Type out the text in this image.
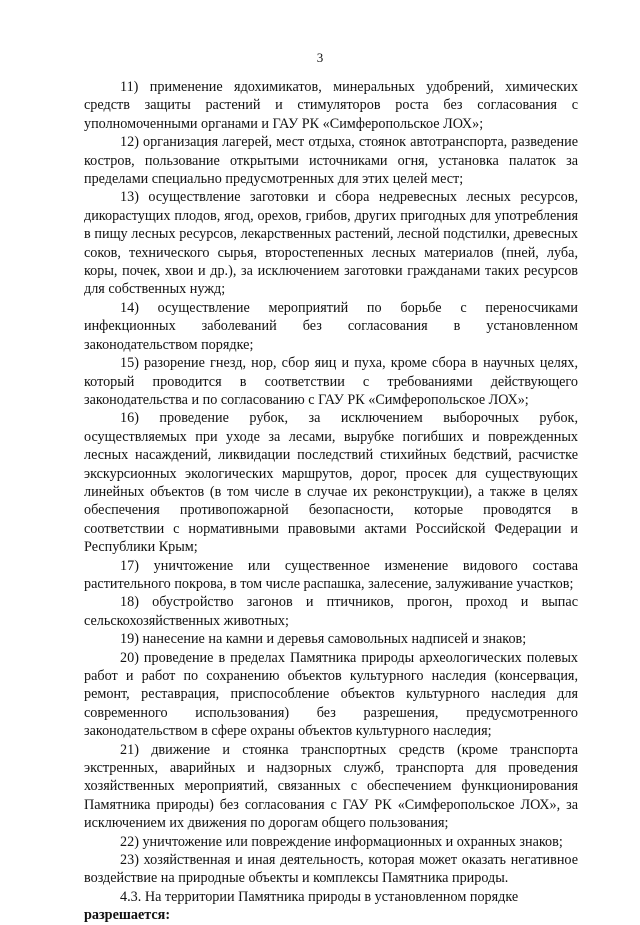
3

11) применение ядохимикатов, минеральных удобрений, химических средств защиты растений и стимуляторов роста без согласования с уполномоченными органами и ГАУ РК «Симферопольское ЛОХ»;

12) организация лагерей, мест отдыха, стоянок автотранспорта, разведение костров, пользование открытыми источниками огня, установка палаток за пределами специально предусмотренных для этих целей мест;

13) осуществление заготовки и сбора недревесных лесных ресурсов, дикорастущих плодов, ягод, орехов, грибов, других пригодных для употребления в пищу лесных ресурсов, лекарственных растений, лесной подстилки, древесных соков, технического сырья, второстепенных лесных материалов (пней, луба, коры, почек, хвои и др.), за исключением заготовки гражданами таких ресурсов для собственных нужд;

14) осуществление мероприятий по борьбе с переносчиками инфекционных заболеваний без согласования в установленном законодательством порядке;

15) разорение гнезд, нор, сбор яиц и пуха, кроме сбора в научных целях, который проводится в соответствии с требованиями действующего законодательства и по согласованию с ГАУ РК «Симферопольское ЛОХ»;

16) проведение рубок, за исключением выборочных рубок, осуществляемых при уходе за лесами, вырубке погибших и поврежденных лесных насаждений, ликвидации последствий стихийных бедствий, расчистке экскурсионных экологических маршрутов, дорог, просек для существующих линейных объектов (в том числе в случае их реконструкции), а также в целях обеспечения противопожарной безопасности, которые проводятся в соответствии с нормативными правовыми актами Российской Федерации и Республики Крым;

17) уничтожение или существенное изменение видового состава растительного покрова, в том числе распашка, залесение, залуживание участков;

18) обустройство загонов и птичников, прогон, проход и выпас сельскохозяйственных животных;

19) нанесение на камни и деревья самовольных надписей и знаков;

20) проведение в пределах Памятника природы археологических полевых работ и работ по сохранению объектов культурного наследия (консервация, ремонт, реставрация, приспособление объектов культурного наследия для современного использования) без разрешения, предусмотренного законодательством в сфере охраны объектов культурного наследия;

21) движение и стоянка транспортных средств (кроме транспорта экстренных, аварийных и надзорных служб, транспорта для проведения хозяйственных мероприятий, связанных с обеспечением функционирования Памятника природы) без согласования с ГАУ РК «Симферопольское ЛОХ», за исключением их движения по дорогам общего пользования;

22) уничтожение или повреждение информационных и охранных знаков;

23) хозяйственная и иная деятельность, которая может оказать негативное воздействие на природные объекты и комплексы Памятника природы.

4.3. На территории Памятника природы в установленном порядке разрешается:
